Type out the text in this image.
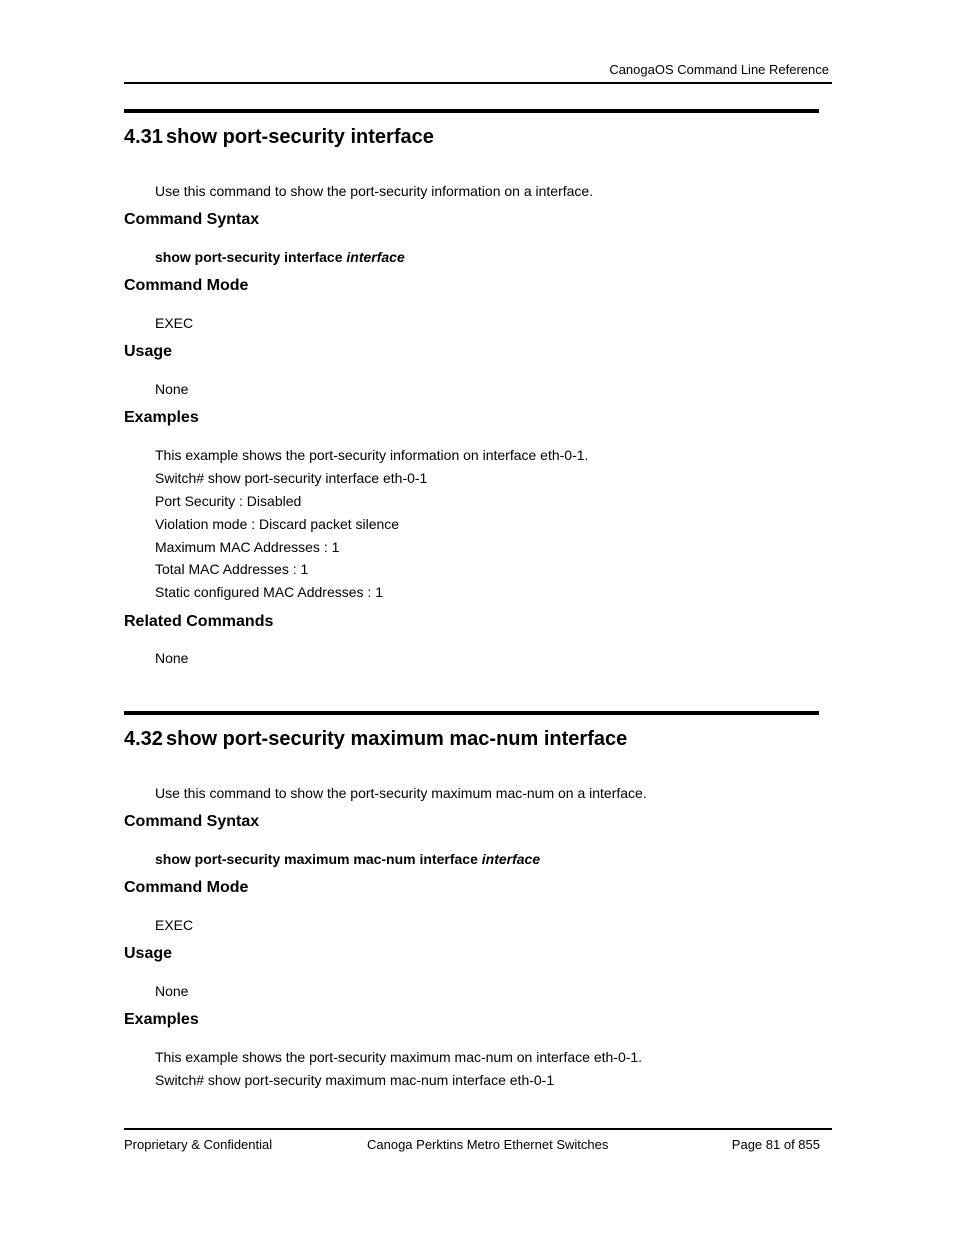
CanogaOS Command Line Reference
4.31 show port-security interface
Use this command to show the port-security information on a interface.
Command Syntax
show port-security interface interface
Command Mode
EXEC
Usage
None
Examples
This example shows the port-security information on interface eth-0-1.
Switch# show port-security interface eth-0-1
Port Security : Disabled
Violation mode : Discard packet silence
Maximum MAC Addresses : 1
Total MAC Addresses : 1
Static configured MAC Addresses : 1
Related Commands
None
4.32 show port-security maximum mac-num interface
Use this command to show the port-security maximum mac-num on a interface.
Command Syntax
show port-security maximum mac-num interface interface
Command Mode
EXEC
Usage
None
Examples
This example shows the port-security maximum mac-num on interface eth-0-1.
Switch# show port-security maximum mac-num interface eth-0-1
Proprietary & Confidential	Canoga Perktins Metro Ethernet Switches	Page 81 of 855
